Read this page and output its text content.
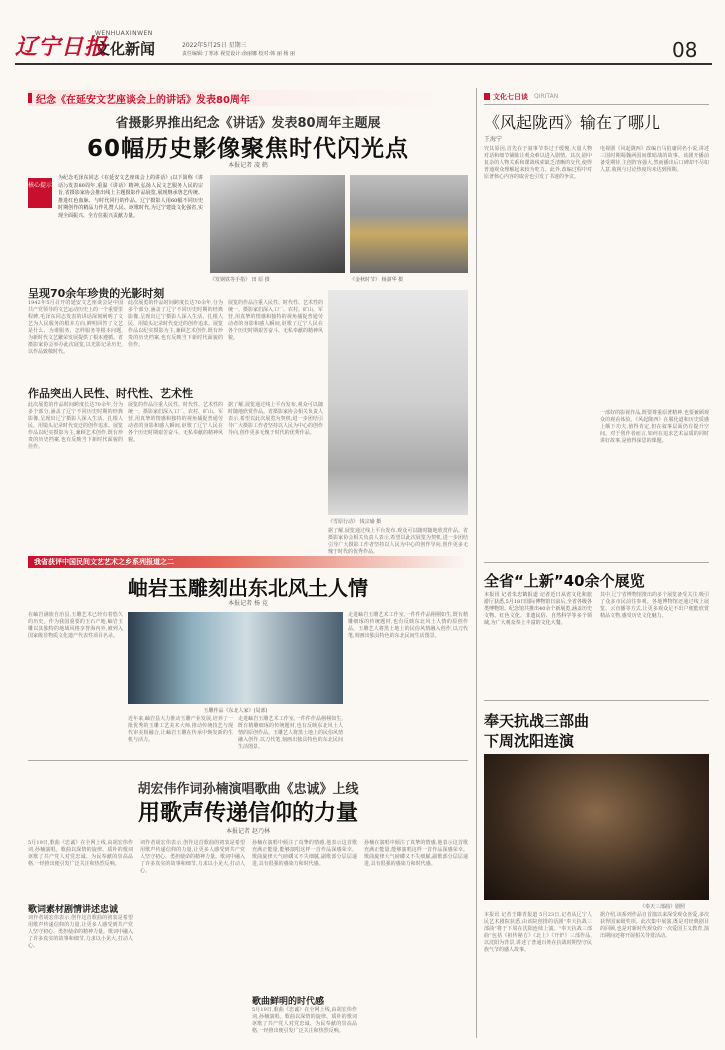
辽宁日报
WENHUAXINWEN
文化新闻	2022年5月25日 星期三
责任编辑:丁寒冰 视觉设计:俞丽娜 校对:韩 丽 杨 丽	08
纪念《在延安文艺座谈会上的讲话》发表80周年
省摄影界推出纪念《讲话》发表80周年主题展
60幅历史影像聚焦时代闪光点
本报记者 凌 鹤
核心提示
为纪念毛泽东同志《在延安文艺座谈会上的讲话》(以下简称《讲话》)发表80周年,重温《讲话》精神,弘扬人民文艺服务人民的宗旨,省摄影家协会推出线上主题摄影作品展览,展现继承鲁艺传统、推进红色血脉、与时代同行的作品。辽宁摄影人用60幅不同历史时期创作的精品力作礼赞人民、讴歌时代,为辽宁建设文化强省,实现全面振兴、全方位振兴贡献力量。
《发钢铁等手指》 田 原 摄	《金秋时节》 杨澍华 摄
呈现70余年珍贵的光影时刻
1942年5月召开的延安文艺座谈会是中国共产党领导的文艺运动历史上的一个重要里程碑,毛泽东同志发表的讲话深刻阐明了文艺为人民服务的根本方向,鲜明回答了文艺是什么、为谁服务、怎样服务等根本问题,为新时代文艺繁荣发展提供了根本遵循。省摄影家协会举办此次展览,以光影记录历史,以作品致敬时代。
此次展览的作品时间跨度长达70余年,分为多个部分,涵盖了辽宁不同历史时期的经典影像,呈现出辽宁摄影人深入生活、扎根人民、用镜头记录时代变迁的创作追求。展览作品以纪实摄影为主,兼顾艺术创作,既有珍贵的历史档案,也有反映当下新时代面貌的佳作。
展览的作品注重人民性、时代性、艺术性的统一。摄影家们深入工厂、农村、矿山、军营,用真挚的情感和独特的视角捕捉普通劳动者的身影和感人瞬间,讴歌了辽宁人民在各个历史时期艰苦奋斗、无私奉献的精神风貌。
作品突出人民性、时代性、艺术性
此次展览的作品时间跨度长达70余年,分为多个部分,涵盖了辽宁不同历史时期的经典影像,呈现出辽宁摄影人深入生活、扎根人民、用镜头记录时代变迁的创作追求。展览作品以纪实摄影为主,兼顾艺术创作,既有珍贵的历史档案,也有反映当下新时代面貌的佳作。
展览的作品注重人民性、时代性、艺术性的统一。摄影家们深入工厂、农村、矿山、军营,用真挚的情感和独特的视角捕捉普通劳动者的身影和感人瞬间,讴歌了辽宁人民在各个历史时期艰苦奋斗、无私奉献的精神风貌。
据了解,展览通过线上平台发布,观众可以随时随地欣赏作品。省摄影家协会相关负责人表示,希望以此次展览为契机,进一步团结引导广大摄影工作者坚持以人民为中心的创作导向,创作更多无愧于时代的优秀作品。
《雪原行动》 钱宗瑜 摄
据了解,展览通过线上平台发布,观众可以随时随地欣赏作品。省摄影家协会相关负责人表示,希望以此次展览为契机,进一步团结引导广大摄影工作者坚持以人民为中心的创作导向,创作更多无愧于时代的优秀作品。
我省获评中国民间文艺艺术之乡系列报道之二
岫岩玉雕刻出东北风土人情
本报记者 杨 竞
在岫岩满族自治县,玉雕艺术已经有着悠久的历史。作为我国重要的玉石产地,岫岩玉雕以其独特的地域风格享誉海内外,被列入国家级非物质文化遗产代表性项目名录。
玉雕作品《东北人家》(局部)
走进岫岩玉雕艺术工作室,一件件作品栩栩如生,既有精雕细琢的传统题材,也有反映东北风土人情的原创作品。玉雕艺人将黑土地上的民俗风情融入创作,以刀代笔,刻画出独具特色的东北民间生活图景。
近年来,岫岩县大力推动玉雕产业发展,培养了一批优秀的玉雕工艺美术大师,推动传统技艺与现代审美相融合,让岫岩玉雕在传承中焕发新的生机与活力。
走进岫岩玉雕艺术工作室,一件件作品栩栩如生,既有精雕细琢的传统题材,也有反映东北风土人情的原创作品。玉雕艺人将黑土地上的民俗风情融入创作,以刀代笔,刻画出独具特色的东北民间生活图景。
胡宏伟作词孙楠演唱歌曲《忠诚》上线
用歌声传递信仰的力量
本报记者 赵乃林
5月19日,歌曲《忠诚》在全网上线,由胡宏伟作词,孙楠演唱。歌曲以深情的旋律、质朴的歌词讴歌了共产党人对党忠诚、为民奉献的崇高品格,一经推出便引发广泛关注和热烈反响。
歌词素材剧情讲述忠诚
词作者胡宏伟表示,创作这首歌曲的初衷是希望用歌声传递信仰的力量,让更多人感受到共产党人坚守初心、勇担使命的精神力量。歌词中融入了许多真实的故事和细节,力求以小见大,打动人心。
词作者胡宏伟表示,创作这首歌曲的初衷是希望用歌声传递信仰的力量,让更多人感受到共产党人坚守初心、勇担使命的精神力量。歌词中融入了许多真实的故事和细节,力求以小见大,打动人心。
孙楠在演唱中倾注了真挚的情感,他表示这首歌充满正能量,能够演唱这样一首作品深感荣幸。歌曲旋律大气磅礴又不失细腻,副歌部分层层递进,具有很强的感染力和时代感。
歌曲鲜明的时代感
5月19日,歌曲《忠诚》在全网上线,由胡宏伟作词,孙楠演唱。歌曲以深情的旋律、质朴的歌词讴歌了共产党人对党忠诚、为民奉献的崇高品格,一经推出便引发广泛关注和热烈反响。
孙楠在演唱中倾注了真挚的情感,他表示这首歌充满正能量,能够演唱这样一首作品深感荣幸。歌曲旋律大气磅礴又不失细腻,副歌部分层层递进,具有很强的感染力和时代感。
文化七日谈 QIRITAN
《风起陇西》输在了哪儿
王海宁
究其原因,首先在于叙事节奏过于缓慢,大量人物对话和细节铺陈让观众难以进入剧情。其次,剧中复杂的人物关系和谍战线索缺乏清晰的交代,使得普通观众理解起来较为吃力。此外,改编过程中对原著核心内容的取舍也引发了书迷的争议。
电视剧《风起陇西》改编自马伯庸同名小说,讲述三国时期蜀魏两国间谍暗战的故事。该剧开播前备受期待,主创阵容强大,然而播出后口碑却不尽如人意,收视与讨论热度均未达到预期。
一部好的影视作品,既要尊重原著精神,也要兼顾观众的观看体验。《风起陇西》在服化道和历史质感上颇下功夫,值得肯定,但在叙事层面仍有提升空间。对于创作者而言,如何在追求艺术品质的同时讲好故事,是值得深思的课题。
全省“上新”40余个展览
本报讯 记者朱忠鹤报道 记者近日从省文化和旅游厅获悉,5月18日国际博物馆日前后,全省各级各类博物馆、纪念馆共推出40余个新展览,涵盖历史文物、红色文化、非遗民俗、自然科学等多个领域,为广大观众奉上丰富的文化大餐。
其中,辽宁省博物馆推出的多个展览备受关注,吸引了众多市民前往参观。各地博物馆还通过线上展览、云直播等方式,让更多观众足不出户便能欣赏精品文物,感受历史文化魅力。
奉天抗战三部曲
下周沈阳连演
《奉天三部曲》剧照
本报讯 记者王臻青报道 5月23日,记者从辽宁人民艺术剧院获悉,由该院创排的话剧“奉天抗战三部曲”将于下周在沈阳连续上演。“奉天抗战三部曲”包括《祖传秘方》《北上》《开炉》三部作品,以沈阳为背景,讲述了普通百姓在抗战时期坚守民族气节的感人故事。
据介绍,该系列作品自首演以来深受观众喜爱,多次获得国家级奖项。此次集中展演,既是对经典剧目的回顾,也是对新时代观众的一次爱国主义教育,演出期间还将开展相关导赏活动。
